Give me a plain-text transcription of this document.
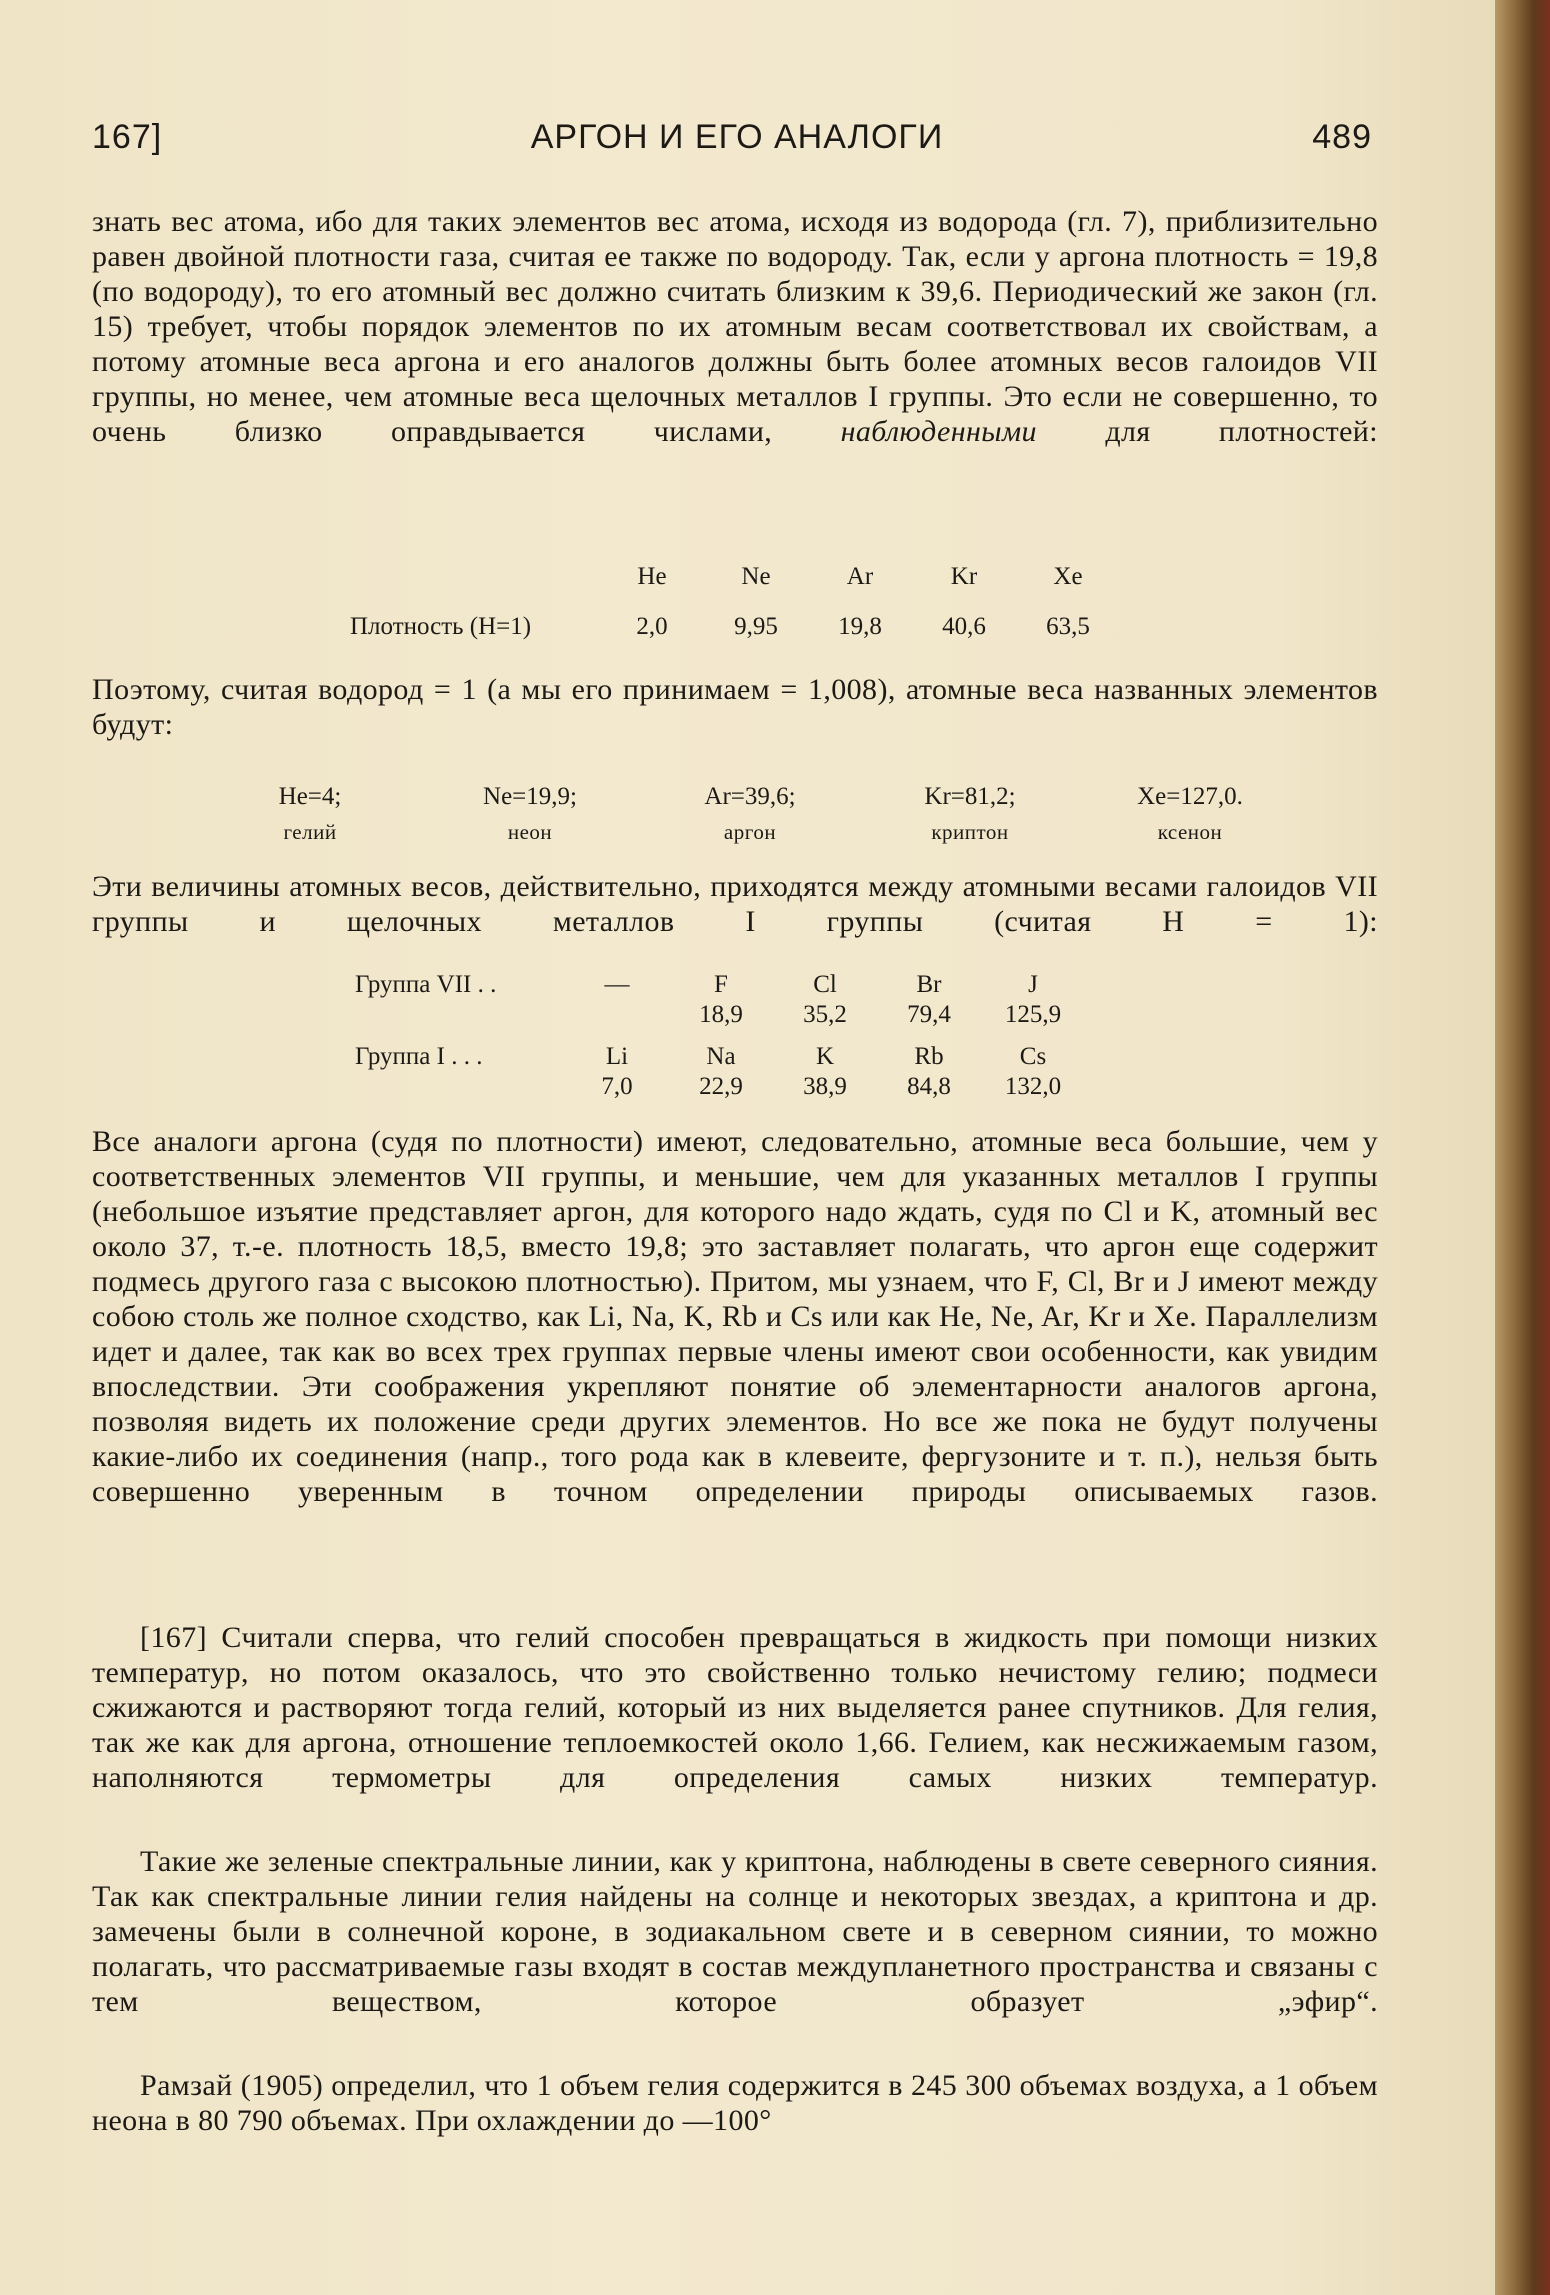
167]	АРГОН И ЕГО АНАЛОГИ	489
знать вес атома, ибо для таких элементов вес атома, исходя из водорода (гл. 7), приблизительно равен двойной плотности газа, считая ее также по водороду. Так, если у аргона плотность = 19,8 (по водороду), то его атомный вес должно считать близким к 39,6. Периодический же закон (гл. 15) требует, чтобы порядок элементов по их атомным весам соответствовал их свойствам, а потому атомные веса аргона и его аналогов должны быть более атомных весов галоидов VII группы, но менее, чем атомные веса щелочных металлов I группы. Это если не совершенно, то очень близко оправдывается числами, наблюденными для плотностей:
	He	Ne	Ar	Kr	Xe
Плотность (H=1)	2,0	9,95	19,8	40,6	63,5
Поэтому, считая водород = 1 (а мы его принимаем = 1,008), атомные веса названных элементов будут:
He=4;	Ne=19,9;	Ar=39,6;	Kr=81,2;	Xe=127,0.
гелий	неон	аргон	криптон	ксенон
Эти величины атомных весов, действительно, приходятся между атомными весами галоидов VII группы и щелочных металлов I группы (считая H = 1):
Группа VII . .	—	F	Cl	Br	J
		18,9	35,2	79,4	125,9

Группа I . . .	Li	Na	K	Rb	Cs
	7,0	22,9	38,9	84,8	132,0
Все аналоги аргона (судя по плотности) имеют, следовательно, атомные веса большие, чем у соответственных элементов VII группы, и меньшие, чем для указанных металлов I группы (небольшое изъятие представляет аргон, для которого надо ждать, судя по Cl и K, атомный вес около 37, т.-е. плотность 18,5, вместо 19,8; это заставляет полагать, что аргон еще содержит подмесь другого газа с высокою плотностью). Притом, мы узнаем, что F, Cl, Br и J имеют между собою столь же полное сходство, как Li, Na, K, Rb и Cs или как He, Ne, Ar, Kr и Xe. Параллелизм идет и далее, так как во всех трех группах первые члены имеют свои особенности, как увидим впоследствии. Эти соображения укрепляют понятие об элементарности аналогов аргона, позволяя видеть их положение среди других элементов. Но все же пока не будут получены какие-либо их соединения (напр., того рода как в клевеите, фергузоните и т. п.), нельзя быть совершенно уверенным в точном определении природы описываемых газов.
[167] Считали сперва, что гелий способен превращаться в жидкость при помощи низких температур, но потом оказалось, что это свойственно только нечистому гелию; подмеси сжижаются и растворяют тогда гелий, который из них выделяется ранее спутников. Для гелия, так же как для аргона, отношение теплоемкостей около 1,66. Гелием, как несжижаемым газом, наполняются термометры для определения самых низких температур.
Такие же зеленые спектральные линии, как у криптона, наблюдены в свете северного сияния. Так как спектральные линии гелия найдены на солнце и некоторых звездах, а криптона и др. замечены были в солнечной короне, в зодиакальном свете и в северном сиянии, то можно полагать, что рассматриваемые газы входят в состав междупланетного пространства и связаны с тем веществом, которое образует „эфир“.
Рамзай (1905) определил, что 1 объем гелия содержится в 245 300 объемах воздуха, а 1 объем неона в 80 790 объемах. При охлаждении до —100°
